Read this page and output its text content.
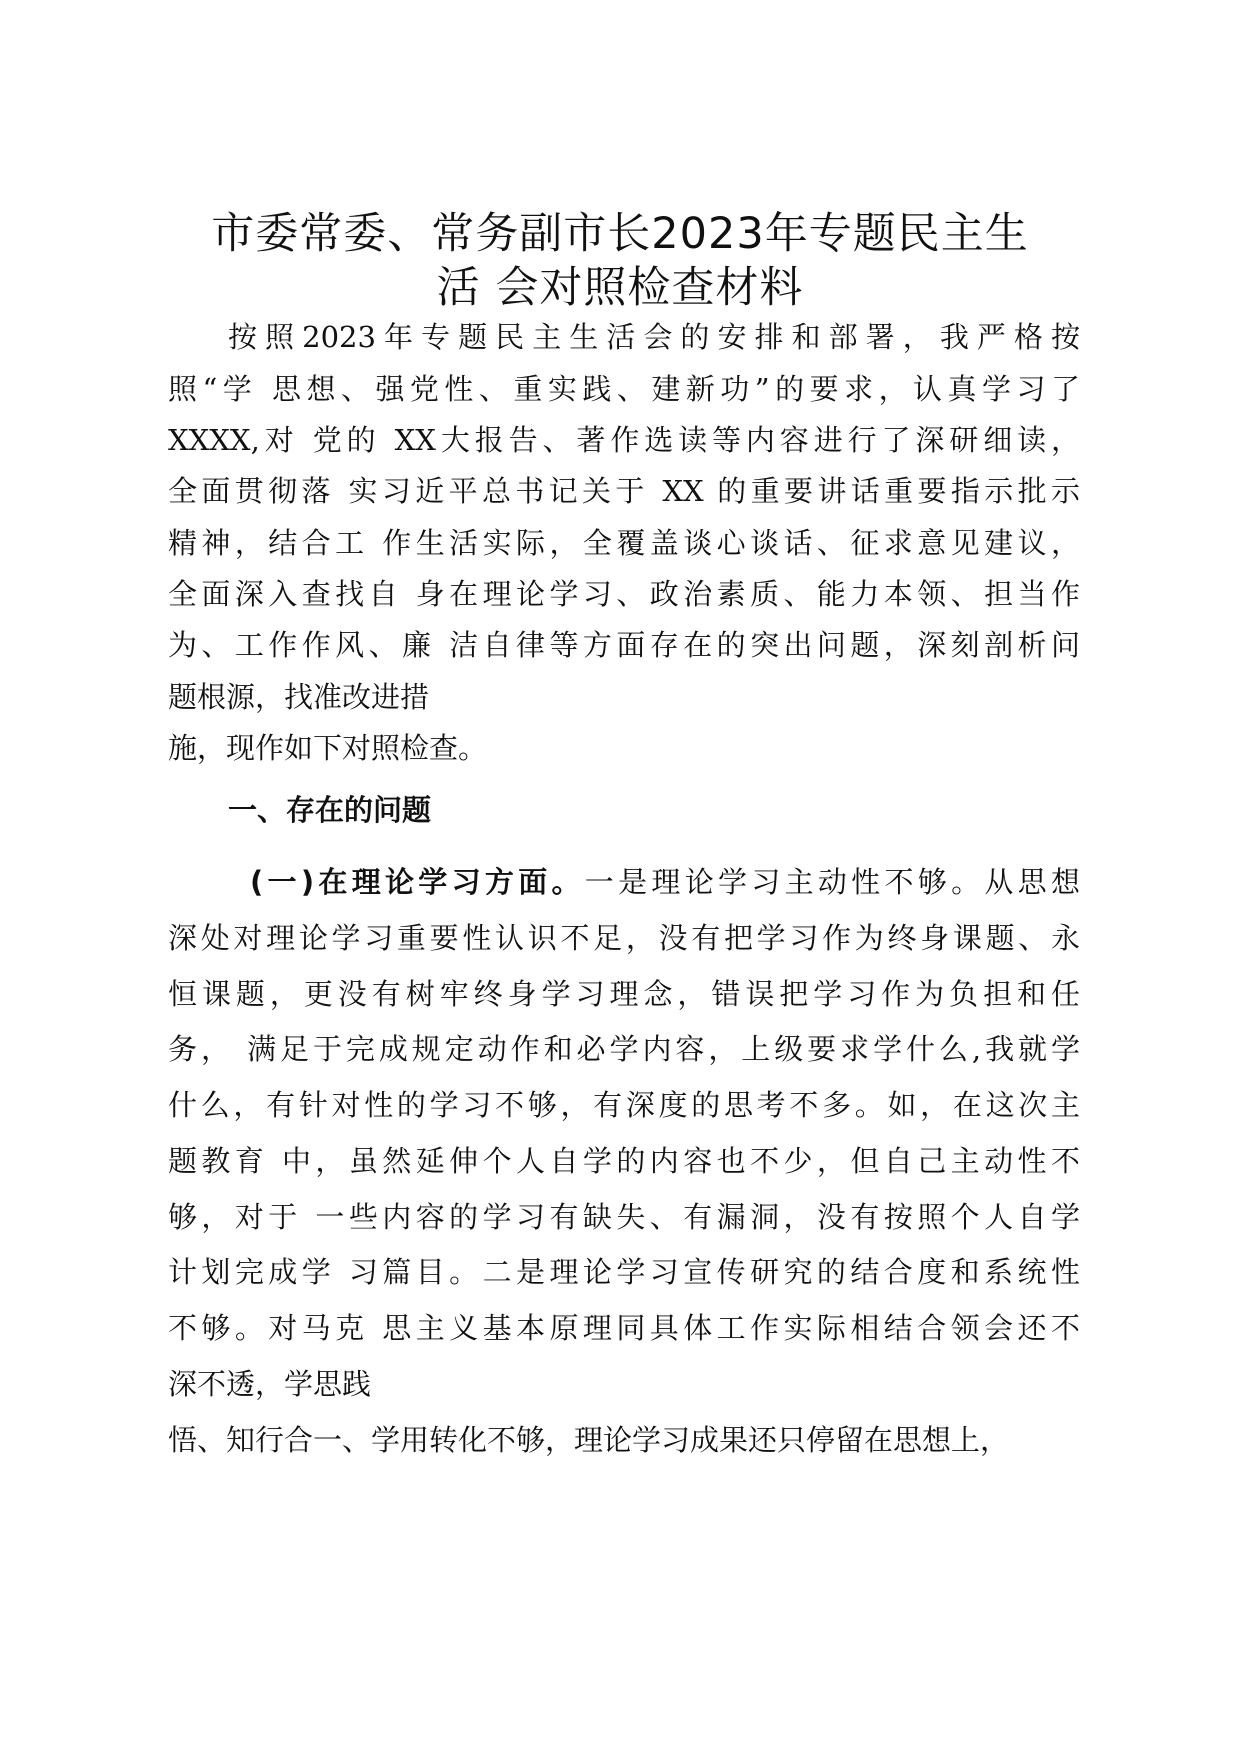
市委常委、常务副市长2023年专题民主生
活 会对照检查材料

按照2023年专题民主生活会的安排和部署，我严格按

照“学 思想、强党性、重实践、建新功”的要求，认真学习了

XXXX,对 党的 XX大报告、著作选读等内容进行了深研细读，

全面贯彻落 实习近平总书记关于 XX 的重要讲话重要指示批示

精神，结合工 作生活实际，全覆盖谈心谈话、征求意见建议，

全面深入查找自 身在理论学习、政治素质、能力本领、担当作

为、工作作风、廉 洁自律等方面存在的突出问题，深刻剖析问

题根源，找准改进措

施，现作如下对照检查。

一、存在的问题

(一)在理论学习方面。一是理论学习主动性不够。从思想

深处对理论学习重要性认识不足，没有把学习作为终身课题、永

恒课题，更没有树牢终身学习理念，错误把学习作为负担和任

务， 满足于完成规定动作和必学内容，上级要求学什么,我就学

什么，有针对性的学习不够，有深度的思考不多。如，在这次主

题教育 中，虽然延伸个人自学的内容也不少，但自己主动性不

够，对于 一些内容的学习有缺失、有漏洞，没有按照个人自学

计划完成学 习篇目。二是理论学习宣传研究的结合度和系统性

不够。对马克 思主义基本原理同具体工作实际相结合领会还不

深不透，学思践

悟、知行合一、学用转化不够，理论学习成果还只停留在思想上，
